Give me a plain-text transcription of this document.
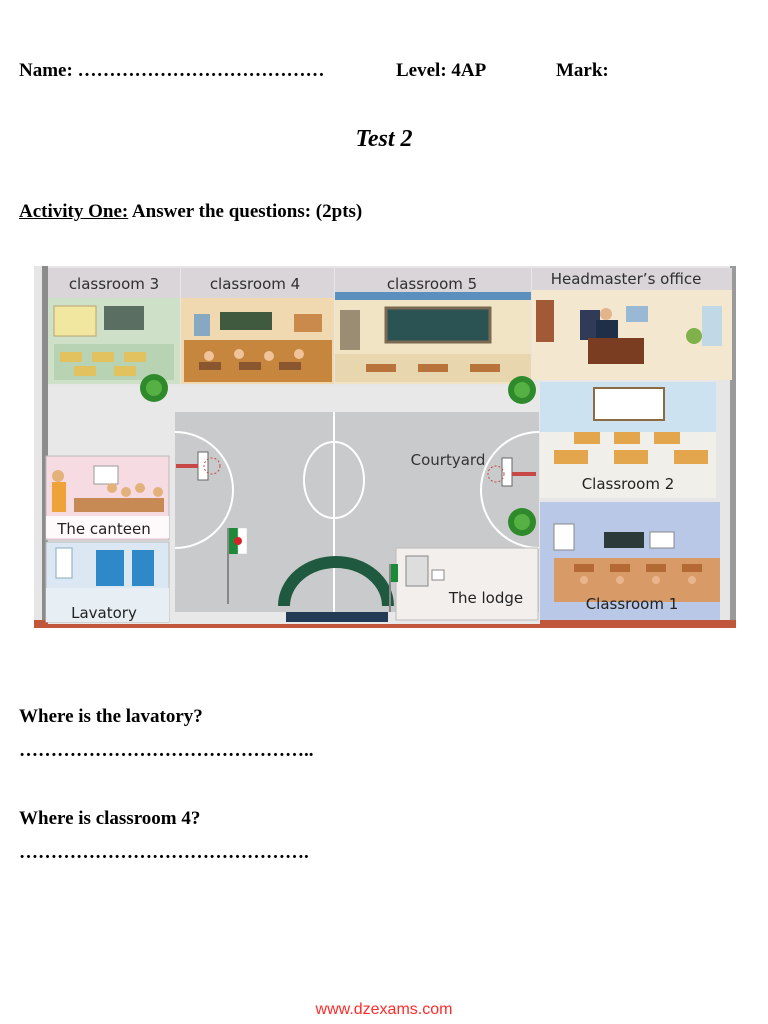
Name: …………………………………	Level: 4AP	Mark:
Test 2
Activity One: Answer the questions: (2pts)
classroom 3	classroom 4	classroom 5	Headmaster’s office
Courtyard
The canteen
Lavatory
Classroom 2
The lodge	Classroom 1
Where is the lavatory?
………………………………………..
Where is classroom 4?
……………………………………….
www.dzexams.com
